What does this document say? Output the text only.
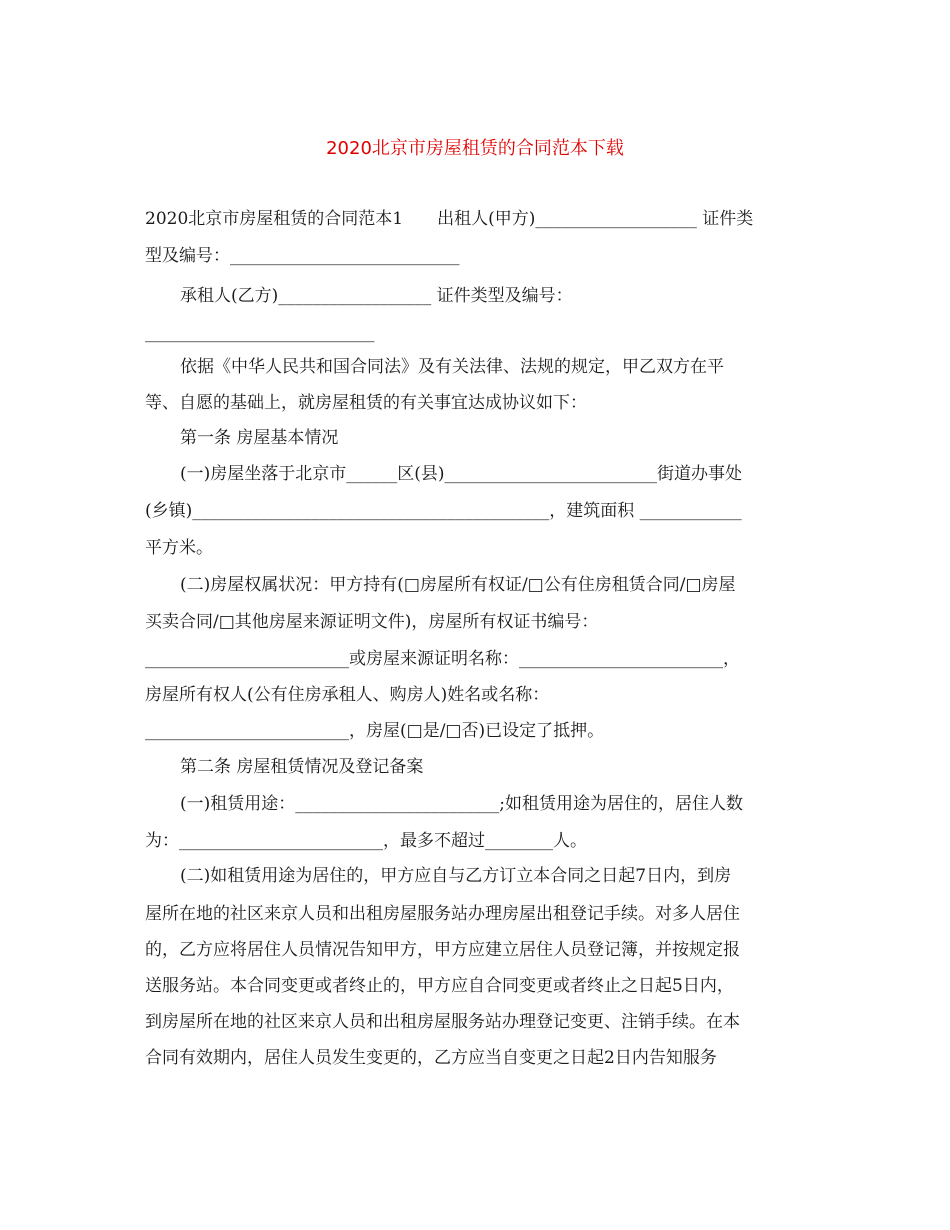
2020北京市房屋租赁的合同范本下载
2020北京市房屋租赁的合同范本1　　出租人(甲方)___________________ 证件类
型及编号：___________________________
承租人(乙方)__________________ 证件类型及编号：
___________________________
依据《中华人民共和国合同法》及有关法律、法规的规定，甲乙双方在平
等、自愿的基础上，就房屋租赁的有关事宜达成协议如下：
第一条 房屋基本情况
(一)房屋坐落于北京市______区(县)_________________________街道办事处
(乡镇)__________________________________________，建筑面积 ____________
平方米。
(二)房屋权属状况：甲方持有(□房屋所有权证/□公有住房租赁合同/□房屋
买卖合同/□其他房屋来源证明文件)，房屋所有权证书编号：
________________________或房屋来源证明名称：________________________，
房屋所有权人(公有住房承租人、购房人)姓名或名称：
________________________，房屋(□是/□否)已设定了抵押。
第二条 房屋租赁情况及登记备案
(一)租赁用途：________________________;如租赁用途为居住的，居住人数
为：________________________，最多不超过________人。
(二)如租赁用途为居住的，甲方应自与乙方订立本合同之日起7日内，到房
屋所在地的社区来京人员和出租房屋服务站办理房屋出租登记手续。对多人居住
的，乙方应将居住人员情况告知甲方，甲方应建立居住人员登记簿，并按规定报
送服务站。本合同变更或者终止的，甲方应自合同变更或者终止之日起5日内，
到房屋所在地的社区来京人员和出租房屋服务站办理登记变更、注销手续。在本
合同有效期内，居住人员发生变更的，乙方应当自变更之日起2日内告知服务
